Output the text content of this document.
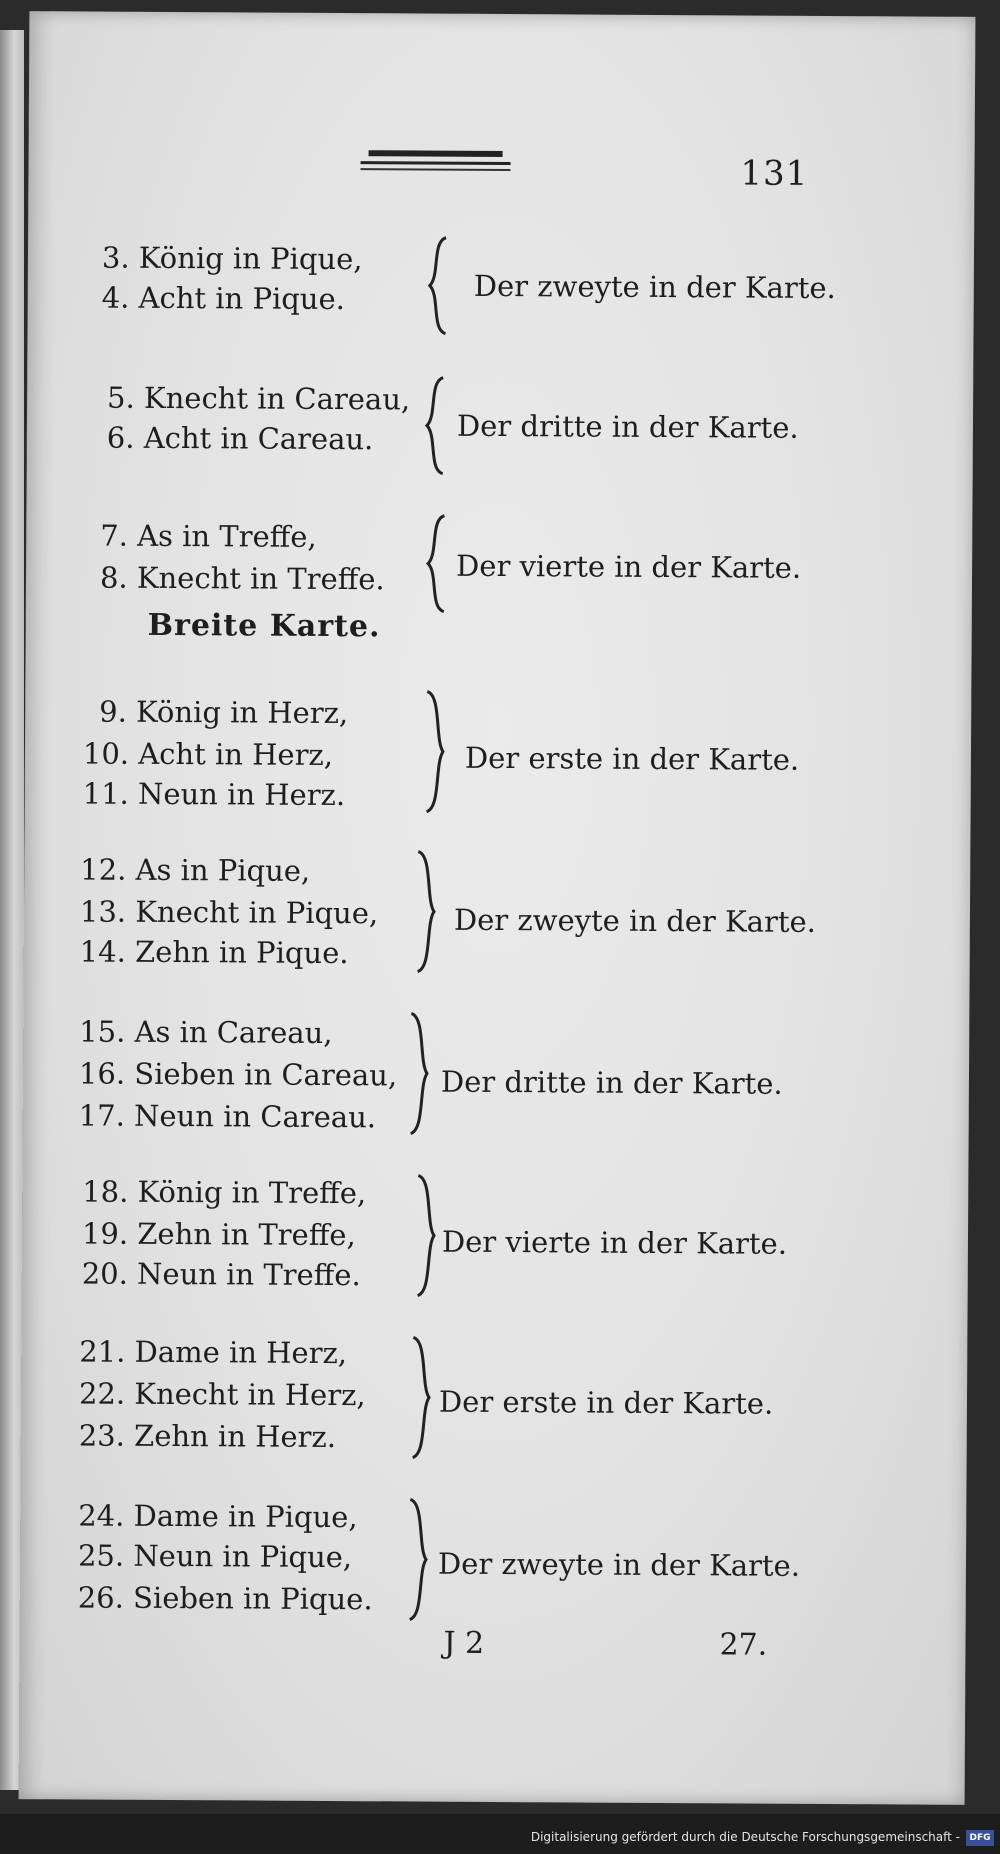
131
3. König in Pique,
4. Acht in Pique.	Der zweyte in der Karte.
5. Knecht in Careau,
6. Acht in Careau.	Der dritte in der Karte.
7. As in Treffe,
8. Knecht in Treffe. Der vierte in der Karte.
Breite Karte.
9. König in Herz,
10. Acht in Herz,
11. Neun in Herz.
Der erste in der Karte.
12. As in Pique,
13. Knecht in Pique,
14. Zehn in Pique.
Der zweyte in der Karte.
15. As in Careau,
16. Sieben in Careau,
17. Neun in Careau.
Der dritte in der Karte.
18. König in Treffe,
19. Zehn in Treffe,
20. Neun in Treffe.
Der vierte in der Karte.
21. Dame in Herz,
22. Knecht in Herz,
23. Zehn in Herz.
Der erste in der Karte.
24. Dame in Pique,
25. Neun in Pique,
26. Sieben in Pique.
Der zweyte in der Karte.
J 2	27.
Digitalisierung gefördert durch die Deutsche Forschungsgemeinschaft -	DFG
